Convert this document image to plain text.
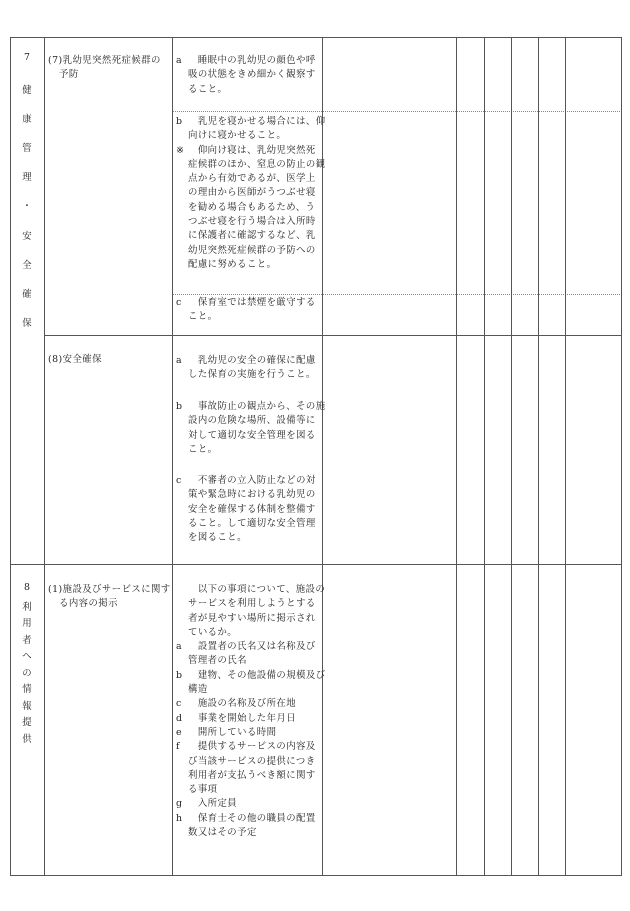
7
健
康
管
理
・
安
全
確
保
8
利
用
者
へ
の
情
報
提
供
(7)乳幼児突然死症候群の
予防
(8)安全確保
(1)施設及びサービスに関す
る内容の掲示
a　睡眠中の乳幼児の顔色や呼
吸の状態をきめ細かく観察す
ること。
b　乳児を寝かせる場合には、仰
向けに寝かせること。
※　仰向け寝は、乳幼児突然死
症候群のほか、窒息の防止の観
点から有効であるが、医学上
の理由から医師がうつぶせ寝
を勧める場合もあるため、う
つぶせ寝を行う場合は入所時
に保護者に確認するなど、乳
幼児突然死症候群の予防への
配慮に努めること。
c　保育室では禁煙を厳守する
こと。
a　乳幼児の安全の確保に配慮
した保育の実施を行うこと。
b　事故防止の観点から、その施
設内の危険な場所、設備等に
対して適切な安全管理を図る
こと。
c　不審者の立入防止などの対
策や緊急時における乳幼児の
安全を確保する体制を整備す
ること。して適切な安全管理
を図ること。
　以下の事項について、施設の
サービスを利用しようとする
者が見やすい場所に掲示され
ているか。
a　設置者の氏名又は名称及び
管理者の氏名
b　建物、その他設備の規模及び
構造
c　施設の名称及び所在地
d　事業を開始した年月日
e　開所している時間
f　提供するサービスの内容及
び当該サービスの提供につき
利用者が支払うべき額に関す
る事項
g　入所定員
h　保育士その他の職員の配置
数又はその予定
